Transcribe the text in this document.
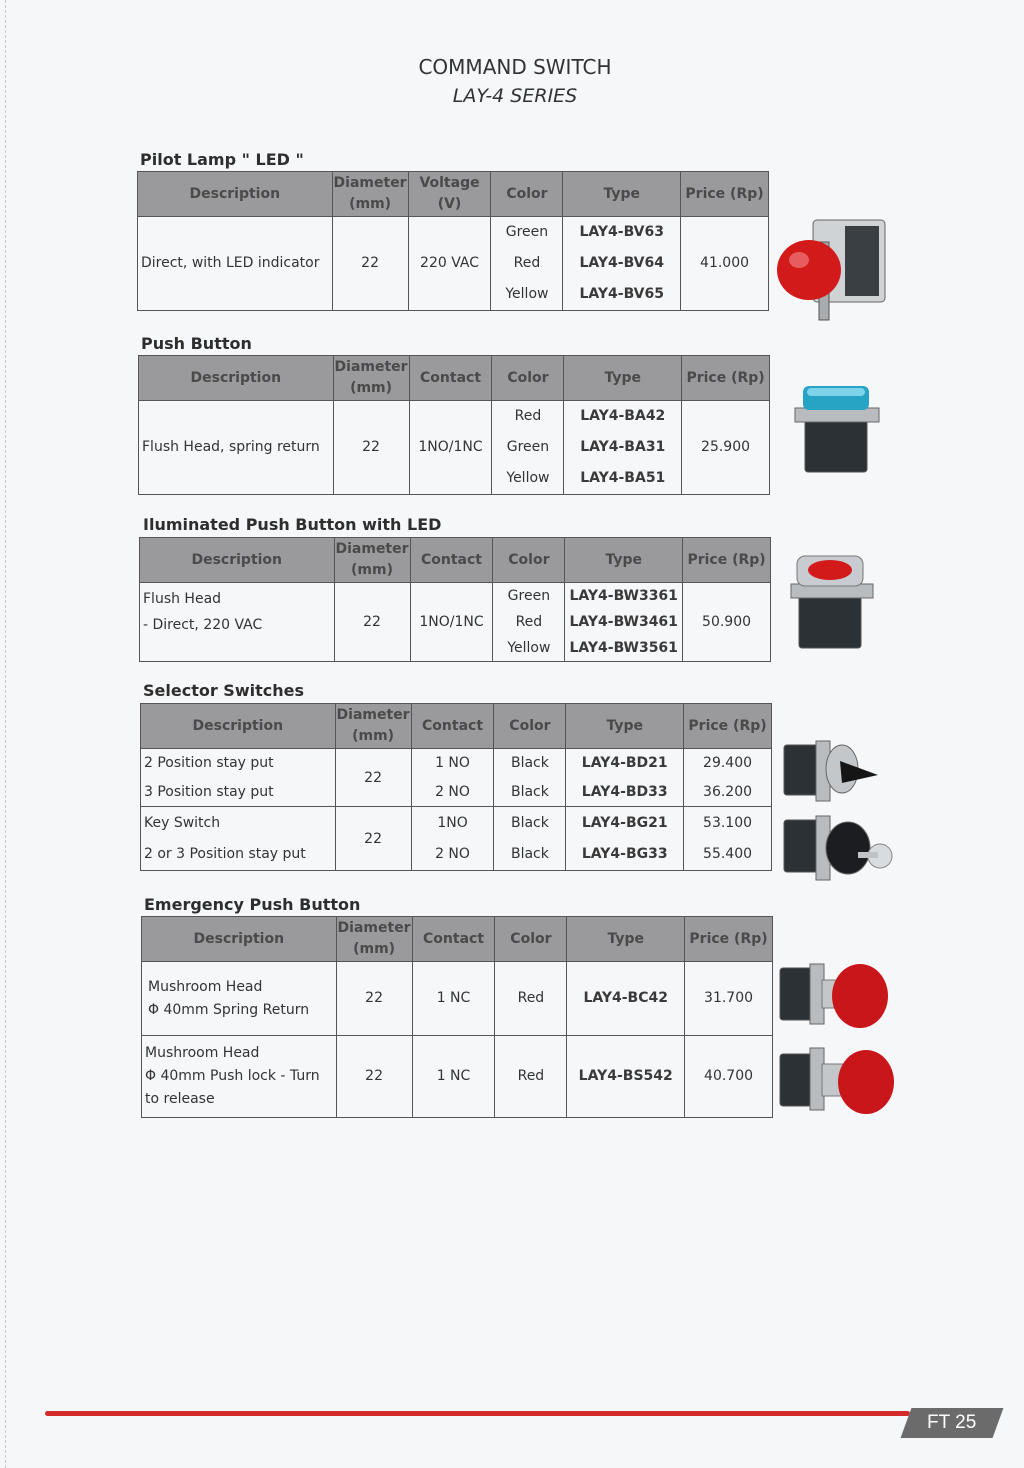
COMMAND SWITCH
LAY-4 SERIES
Pilot Lamp " LED "
Description	Diameter (mm)	Voltage (V)	Color	Type	Price (Rp)
Direct, with LED indicator	22	220 VAC	Green	LAY4-BV63	41.000
			Red	LAY4-BV64	
			Yellow	LAY4-BV65	
Push Button
Description	Diameter (mm)	Contact	Color	Type	Price (Rp)
Flush Head, spring return	22	1NO/1NC	Red	LAY4-BA42	25.900
			Green	LAY4-BA31	
			Yellow	LAY4-BA51	
Iluminated Push Button with LED
Description	Diameter (mm)	Contact	Color	Type	Price (Rp)

Flush Head
- Direct, 220 VAC	22	1NO/1NC	Green	LAY4-BW3361	50.900
			Red	LAY4-BW3461	
			Yellow	LAY4-BW3561	
Selector Switches
Description	Diameter (mm)	Contact	Color	Type	Price (Rp)
2 Position stay put	22	1 NO	Black	LAY4-BD21	29.400
3 Position stay put		2 NO	Black	LAY4-BD33	36.200
Key Switch	22	1NO	Black	LAY4-BG21	53.100
2 or 3 Position stay put		2 NO	Black	LAY4-BG33	55.400
Emergency Push Button
Description	Diameter (mm)	Contact	Color	Type	Price (Rp)

Mushroom Head
Φ 40mm Spring Return	22	1 NC	Red	LAY4-BC42	31.700

Mushroom Head
Φ 40mm Push lock - Turn
to release	22	1 NC	Red	LAY4-BS542	40.700
FT 25
